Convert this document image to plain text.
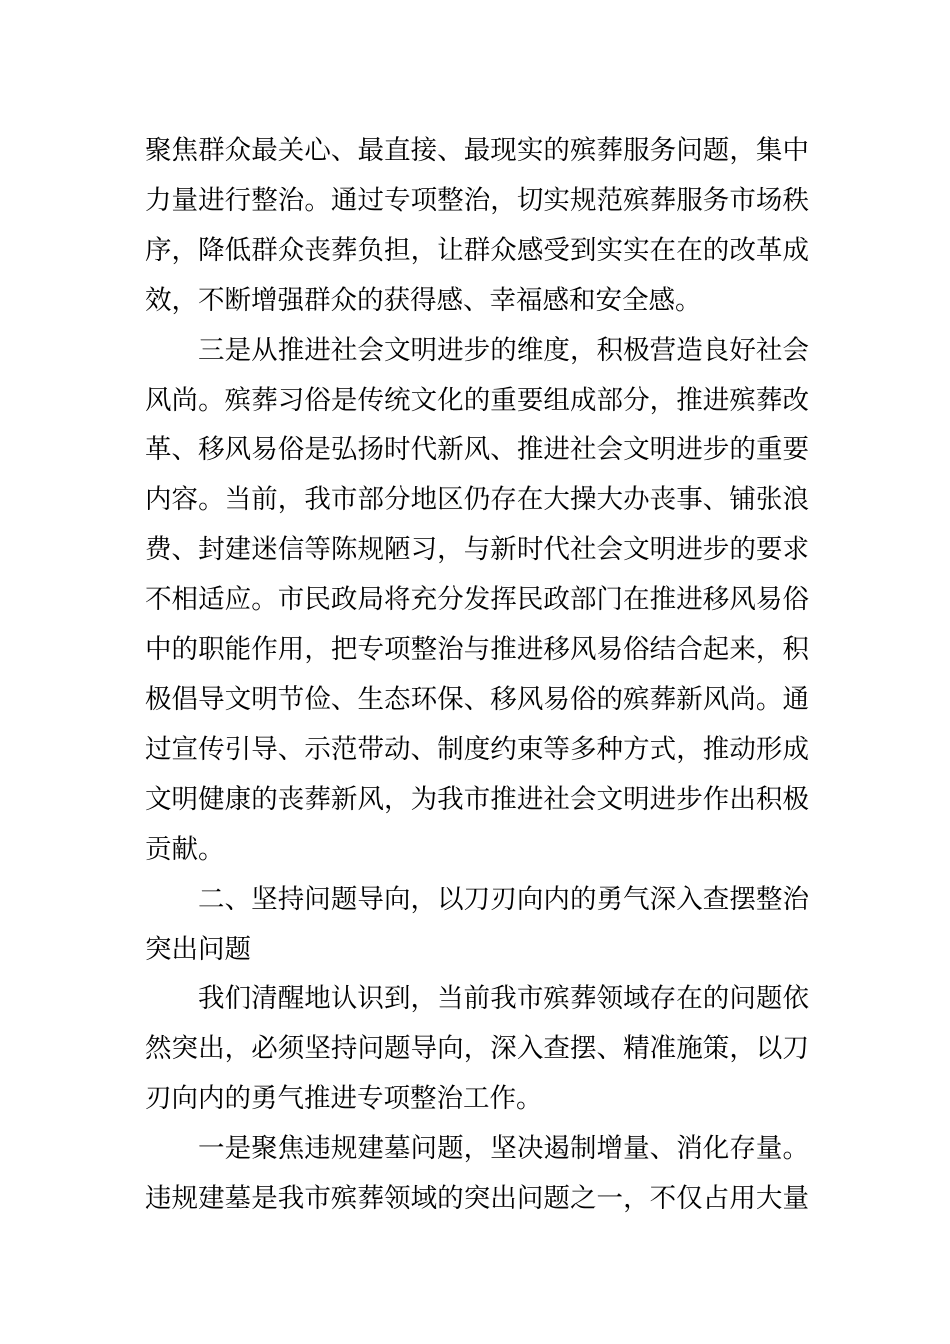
聚焦群众最关心、最直接、最现实的殡葬服务问题，集中
力量进行整治。通过专项整治，切实规范殡葬服务市场秩
序，降低群众丧葬负担，让群众感受到实实在在的改革成
效，不断增强群众的获得感、幸福感和安全感。

三是从推进社会文明进步的维度，积极营造良好社会
风尚。殡葬习俗是传统文化的重要组成部分，推进殡葬改
革、移风易俗是弘扬时代新风、推进社会文明进步的重要
内容。当前，我市部分地区仍存在大操大办丧事、铺张浪
费、封建迷信等陈规陋习，与新时代社会文明进步的要求
不相适应。市民政局将充分发挥民政部门在推进移风易俗
中的职能作用，把专项整治与推进移风易俗结合起来，积
极倡导文明节俭、生态环保、移风易俗的殡葬新风尚。通
过宣传引导、示范带动、制度约束等多种方式，推动形成
文明健康的丧葬新风，为我市推进社会文明进步作出积极
贡献。

二、坚持问题导向，以刀刃向内的勇气深入查摆整治
突出问题

我们清醒地认识到，当前我市殡葬领域存在的问题依
然突出，必须坚持问题导向，深入查摆、精准施策，以刀
刃向内的勇气推进专项整治工作。

一是聚焦违规建墓问题，坚决遏制增量、消化存量。
违规建墓是我市殡葬领域的突出问题之一，不仅占用大量
